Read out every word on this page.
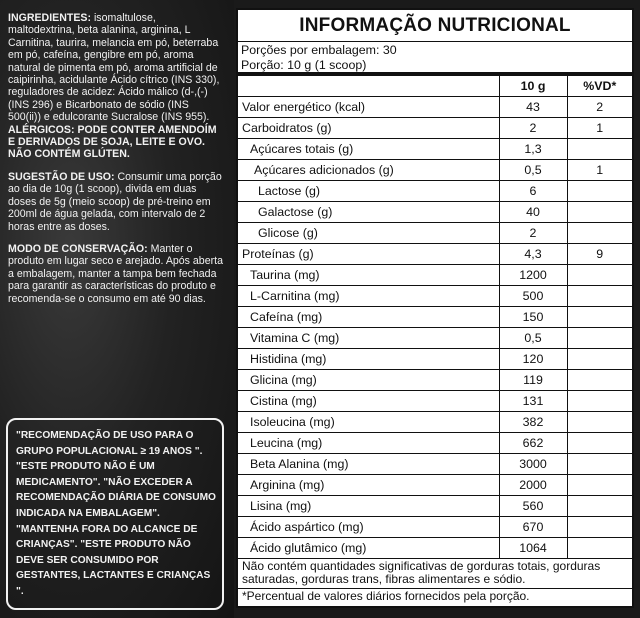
INGREDIENTES: isomaltulose, maltodextrina, beta alanina, arginina, L Carnitina, taurira, melancia em pó, beterraba em pó, cafeína, gengibre em pó, aroma natural de pimenta em pó, aroma artificial de caipirinha, acidulante Ácido cítrico (INS 330), reguladores de acidez: Ácido málico (d-,(-) (INS 296) e Bicarbonato de sódio (INS 500(ii)) e edulcorante Sucralose (INS 955). ALÉRGICOS: PODE CONTER AMENDOÍM E DERIVADOS DE SOJA, LEITE E OVO. NÃO CONTÉM GLÚTEN.

SUGESTÃO DE USO: Consumir uma porção ao dia de 10g (1 scoop), divida em duas doses de 5g (meio scoop) de pré-treino em 200ml de água gelada, com intervalo de 2 horas entre as doses.

MODO DE CONSERVAÇÃO: Manter o produto em lugar seco e arejado. Após aberta a embalagem, manter a tampa bem fechada para garantir as características do produto e recomenda-se o consumo em até 90 dias.

"RECOMENDAÇÃO DE USO PARA O GRUPO POPULACIONAL ≥ 19 ANOS ". "ESTE PRODUTO NÃO É UM MEDICAMENTO". "NÃO EXCEDER A RECOMENDAÇÃO DIÁRIA DE CONSUMO INDICADA NA EMBALAGEM". "MANTENHA FORA DO ALCANCE DE CRIANÇAS". "ESTE PRODUTO NÃO DEVE SER CONSUMIDO POR GESTANTES, LACTANTES E CRIANÇAS ".
INFORMAÇÃO NUTRICIONAL
Porções por embalagem: 30
Porção: 10 g (1 scoop)
	10 g	%VD*
Valor energético (kcal)	43	2
Carboidratos (g)	2	1
Açúcares totais (g)	1,3	
Açúcares adicionados (g)	0,5	1
Lactose (g)	6	
Galactose (g)	40	
Glicose (g)	2	
Proteínas (g)	4,3	9
Taurina (mg)	1200	
L-Carnitina (mg)	500	
Cafeína (mg)	150	
Vitamina C (mg)	0,5	
Histidina (mg)	120	
Glicina (mg)	119	
Cistina (mg)	131	
Isoleucina (mg)	382	
Leucina (mg)	662	
Beta Alanina (mg)	3000	
Arginina (mg)	2000	
Lisina (mg)	560	
Ácido aspártico (mg)	670	
Ácido glutâmico (mg)	1064	
Não contém quantidades significativas de gorduras totais, gorduras saturadas, gorduras trans, fibras alimentares e sódio.
*Percentual de valores diários fornecidos pela porção.
